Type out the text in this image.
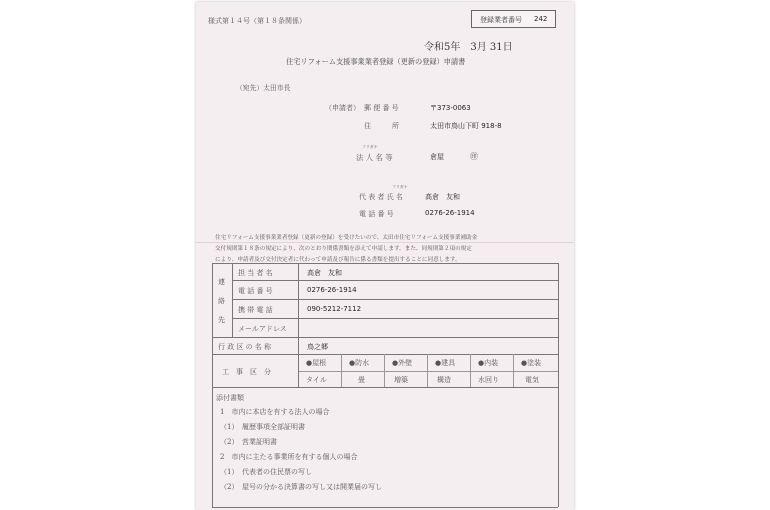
様式第１４号（第１８条関係）	登録業者番号 242
令和5年　3月 31日
住宅リフォーム支援事業業者登録（更新の登録）申請書
（宛先）太田市長
（申請者） 郵 便 番 号	〒373-0063
住　　　所	太田市鳥山下町 918-8
フリガナ
法 人 名 等	倉屋	㊞
フリガナ
代 表 者 氏 名	高倉　友和
電 話 番 号	0276-26-1914
住宅リフォーム支援事業業者登録（更新の登録）を受けたいので、太田市住宅リフォーム支援事業補助金
交付規則第１８条の規定により、次のとおり関係書類を添えて申請します。また、同規則第２項の規定
により、申請者及び交付決定者に代わって申請及び報告に係る書類を提出することに同意します。
連
絡
先
担 当 者 名	高倉　友和
電 話 番 号	0276-26-1914
携 帯 電 話	090-5212-7112
メールアドレス
行 政 区 の 名 称	鳥之郷
工　事　区　分
●屋根	●防水	●外壁	●建具	●内装	●塗装
タイル	畳	増築	構造	水回り	電気
添付書類
1　市内に本店を有する法人の場合
（1）　履歴事項全部証明書
（2）　営業証明書
2　市内に主たる事業所を有する個人の場合
（1）　代表者の住民票の写し
（2）　屋号の分かる決算書の写し又は開業届の写し
